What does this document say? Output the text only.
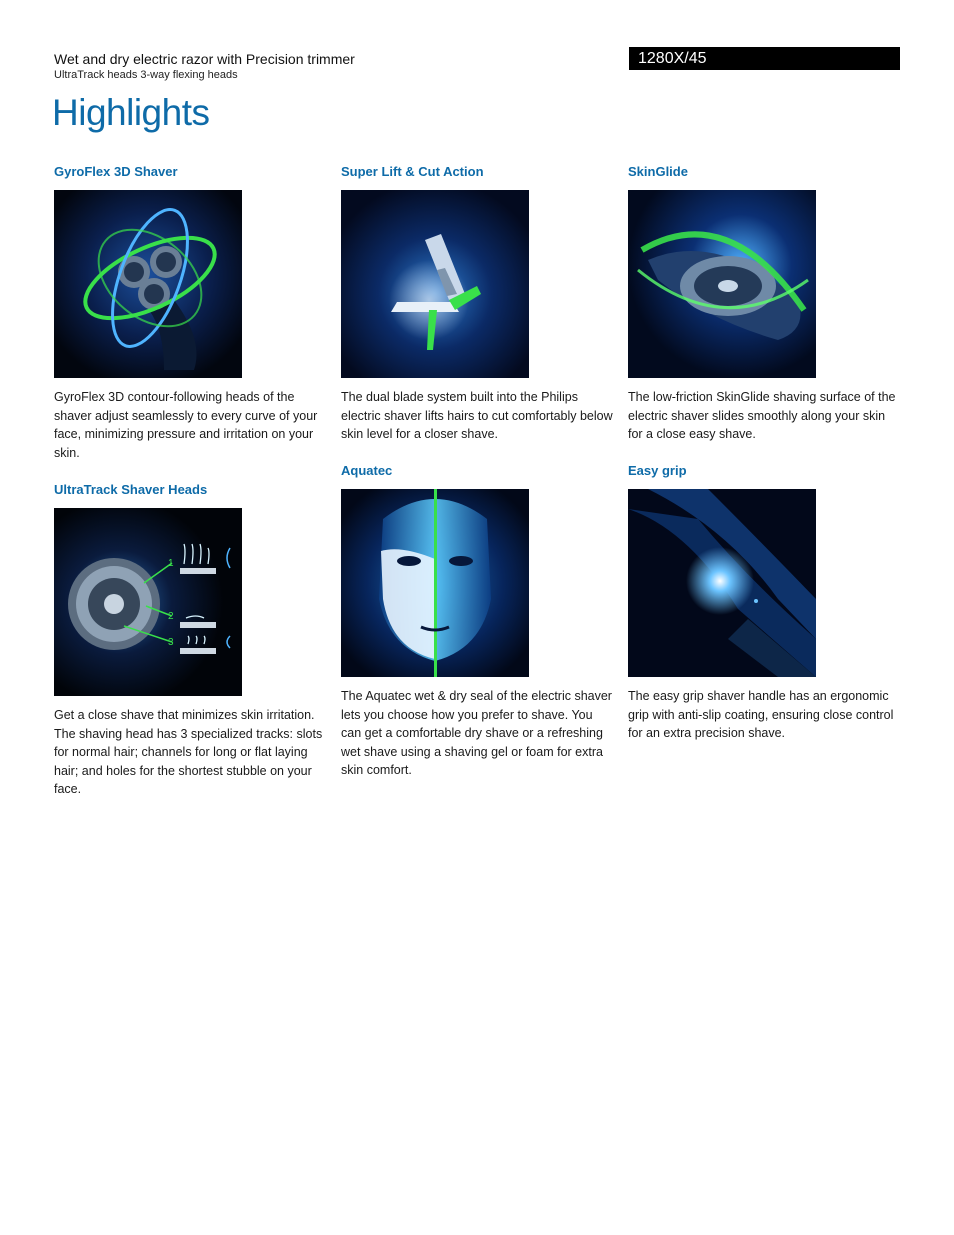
Wet and dry electric razor with Precision trimmer
UltraTrack heads 3-way flexing heads
1280X/45
Highlights
GyroFlex 3D Shaver

GyroFlex 3D contour-following heads of the shaver adjust seamlessly to every curve of your face, minimizing pressure and irritation on your skin.

UltraTrack Shaver Heads
1
2
3

Get a close shave that minimizes skin irritation. The shaving head has 3 specialized tracks: slots for normal hair; channels for long or flat laying hair; and holes for the shortest stubble on your face.

Super Lift & Cut Action

The dual blade system built into the Philips electric shaver lifts hairs to cut comfortably below skin level for a closer shave.

Aquatec

The Aquatec wet & dry seal of the electric shaver lets you choose how you prefer to shave. You can get a comfortable dry shave or a refreshing wet shave using a shaving gel or foam for extra skin comfort.

SkinGlide

The low-friction SkinGlide shaving surface of the electric shaver slides smoothly along your skin for a close easy shave.

Easy grip

The easy grip shaver handle has an ergonomic grip with anti-slip coating, ensuring close control for an extra precision shave.
